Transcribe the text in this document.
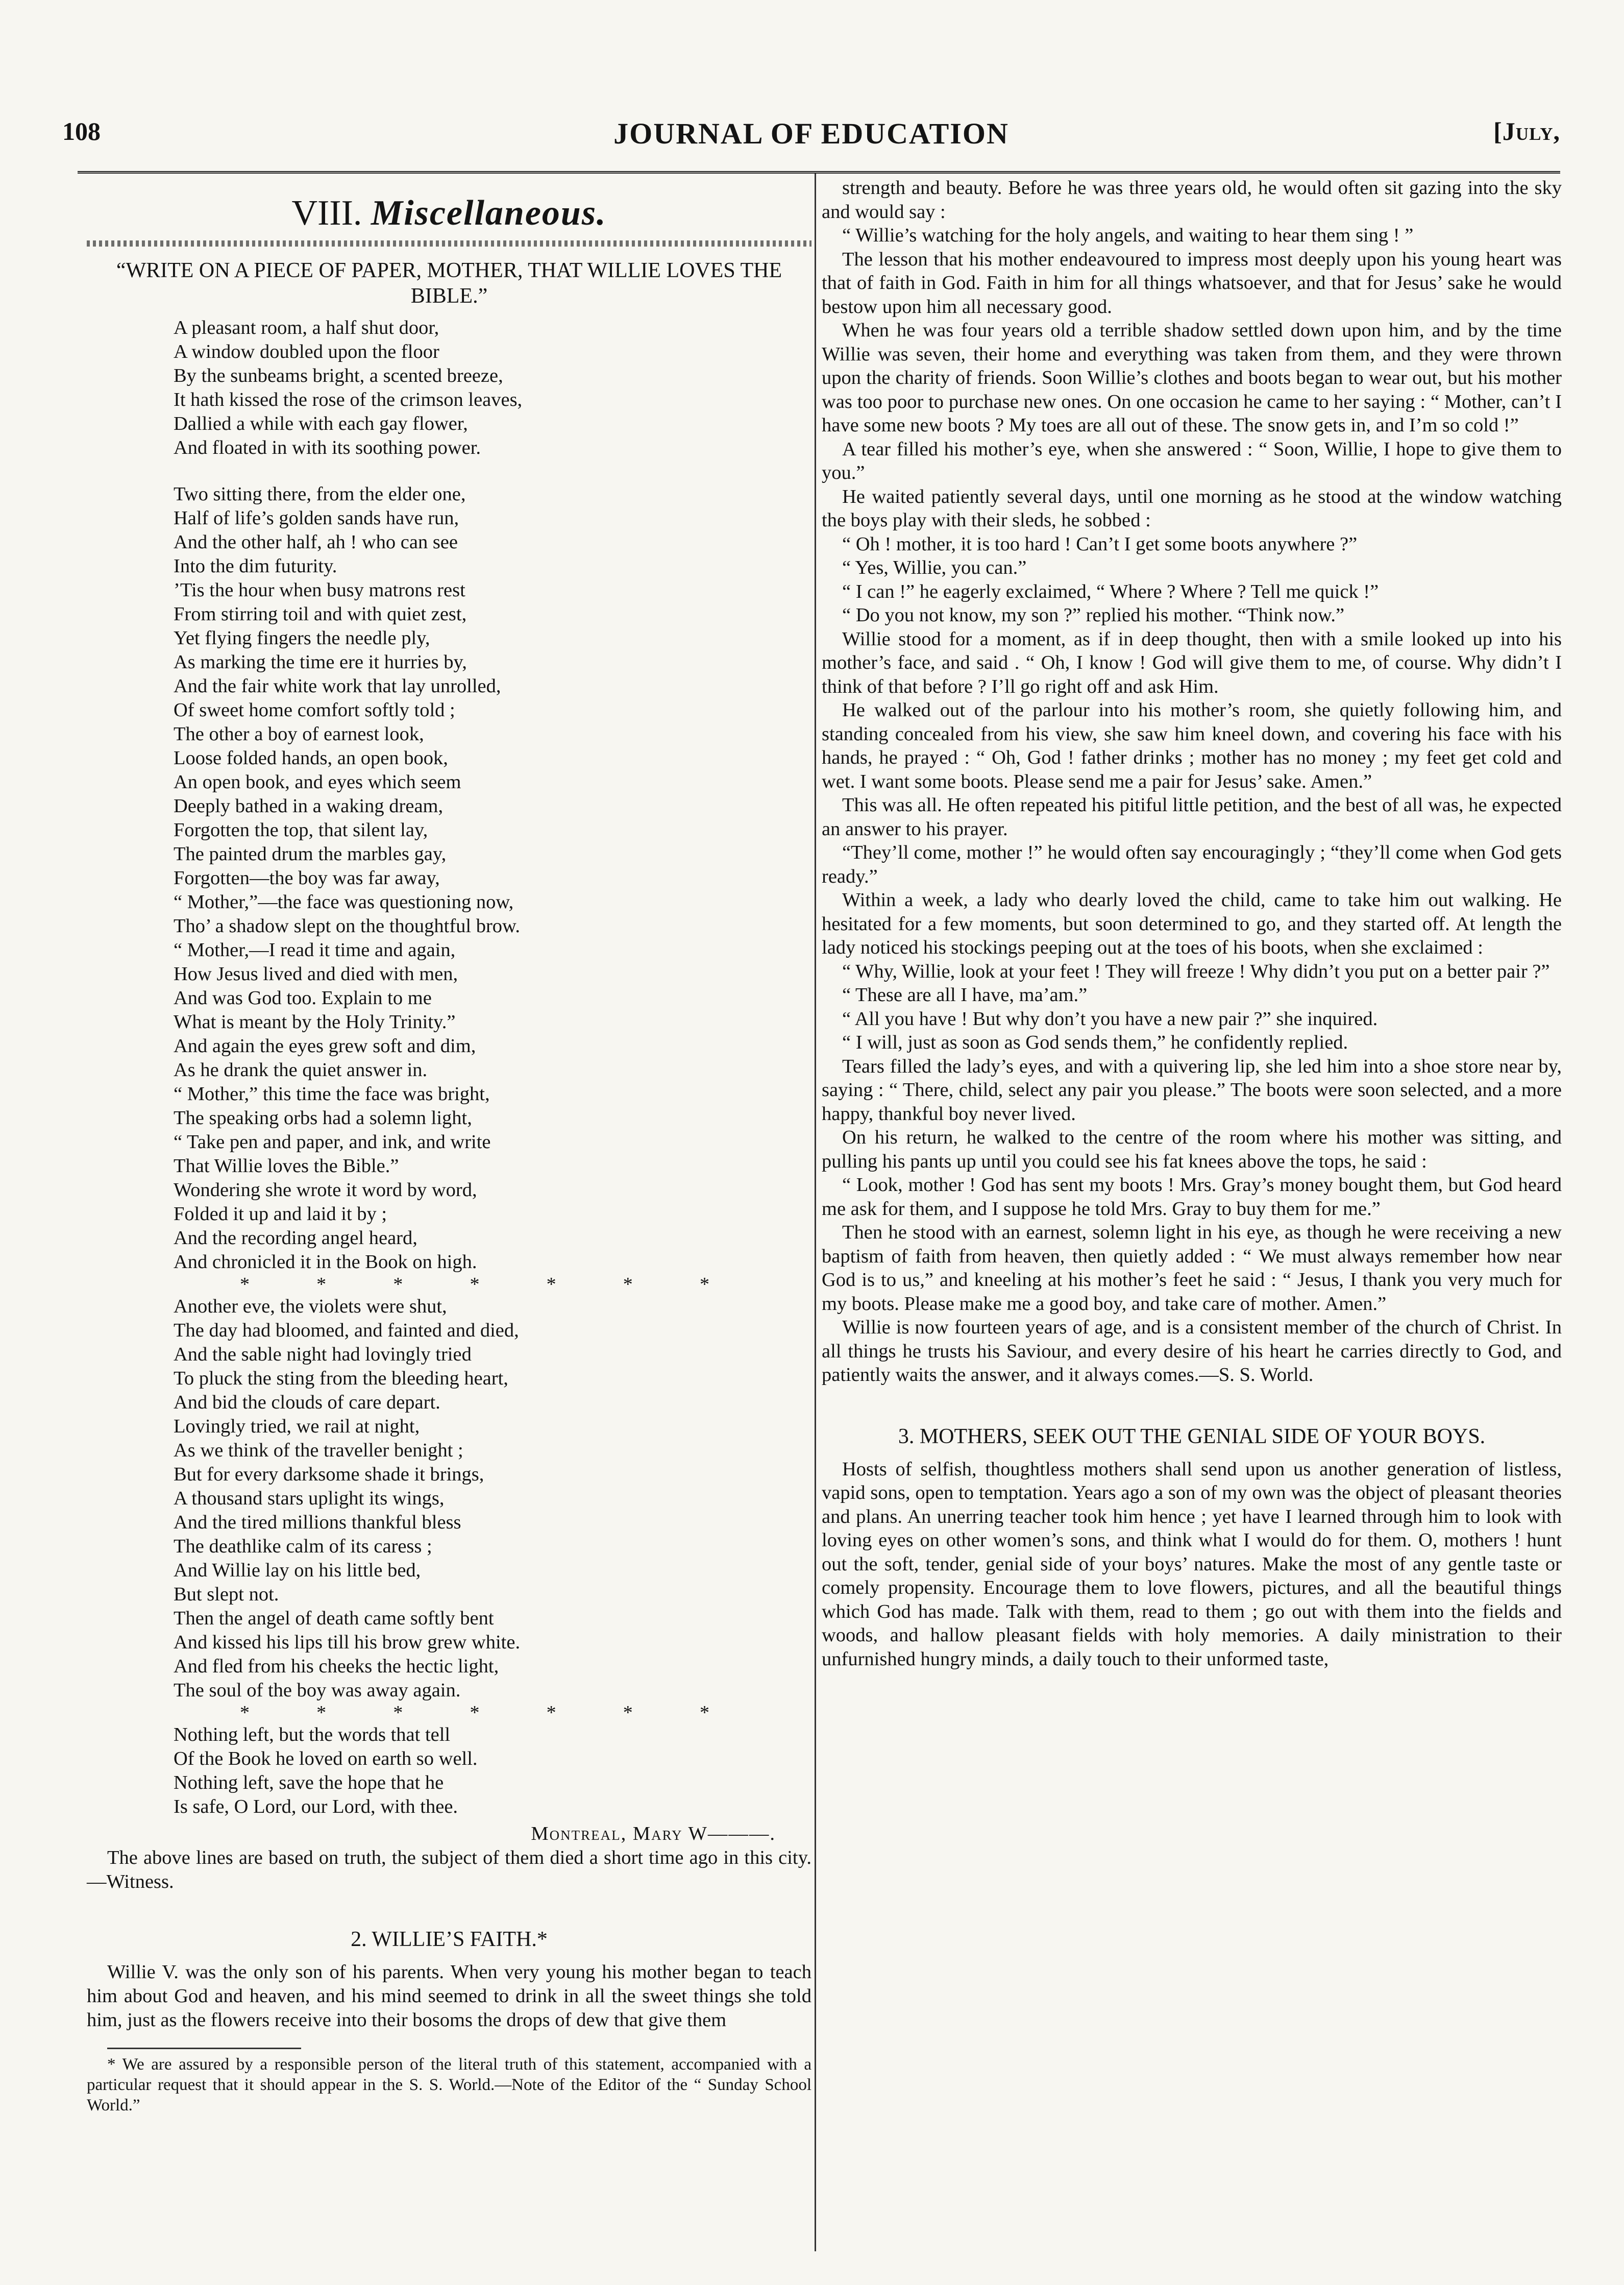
108	JOURNAL OF EDUCATION	[July,
VIII. Miscellaneous.
“WRITE ON A PIECE OF PAPER, MOTHER, THAT WILLIE LOVES THE BIBLE.”
A pleasant room, a half shut door,
A window doubled upon the floor
By the sunbeams bright, a scented breeze,
It hath kissed the rose of the crimson leaves,
Dallied a while with each gay flower,
And floated in with its soothing power.
Two sitting there, from the elder one,
Half of life’s golden sands have run,
And the other half, ah ! who can see
Into the dim futurity.
’Tis the hour when busy matrons rest
From stirring toil and with quiet zest,
Yet flying fingers the needle ply,
As marking the time ere it hurries by,
And the fair white work that lay unrolled,
Of sweet home comfort softly told ;
The other a boy of earnest look,
Loose folded hands, an open book,
An open book, and eyes which seem
Deeply bathed in a waking dream,
Forgotten the top, that silent lay,
The painted drum the marbles gay,
Forgotten—the boy was far away,
“ Mother,”—the face was questioning now,
Tho’ a shadow slept on the thoughtful brow.
“ Mother,—I read it time and again,
How Jesus lived and died with men,
And was God too. Explain to me
What is meant by the Holy Trinity.”
And again the eyes grew soft and dim,
As he drank the quiet answer in.
“ Mother,” this time the face was bright,
The speaking orbs had a solemn light,
“ Take pen and paper, and ink, and write
That Willie loves the Bible.”
Wondering she wrote it word by word,
Folded it up and laid it by ;
And the recording angel heard,
And chronicled it in the Book on high.
*	*	*	*	*	*	*
Another eve, the violets were shut,
The day had bloomed, and fainted and died,
And the sable night had lovingly tried
To pluck the sting from the bleeding heart,
And bid the clouds of care depart.
Lovingly tried, we rail at night,
As we think of the traveller benight ;
But for every darksome shade it brings,
A thousand stars uplight its wings,
And the tired millions thankful bless
The deathlike calm of its caress ;
And Willie lay on his little bed,
But slept not.
Then the angel of death came softly bent
And kissed his lips till his brow grew white.
And fled from his cheeks the hectic light,
The soul of the boy was away again.
*	*	*	*	*	*	*
Nothing left, but the words that tell
Of the Book he loved on earth so well.
Nothing left, save the hope that he
Is safe, O Lord, our Lord, with thee.
Montreal, Mary W———.
The above lines are based on truth, the subject of them died a short time ago in this city.—Witness.
2. WILLIE’S FAITH.*

Willie V. was the only son of his parents. When very young his mother began to teach him about God and heaven, and his mind seemed to drink in all the sweet things she told him, just as the flowers receive into their bosoms the drops of dew that give them

* We are assured by a responsible person of the literal truth of this statement, accompanied with a particular request that it should appear in the S. S. World.—Note of the Editor of the “ Sunday School World.”

strength and beauty. Before he was three years old, he would often sit gazing into the sky and would say :

“ Willie’s watching for the holy angels, and waiting to hear them sing ! ”

The lesson that his mother endeavoured to impress most deeply upon his young heart was that of faith in God. Faith in him for all things whatsoever, and that for Jesus’ sake he would bestow upon him all necessary good.

When he was four years old a terrible shadow settled down upon him, and by the time Willie was seven, their home and everything was taken from them, and they were thrown upon the charity of friends. Soon Willie’s clothes and boots began to wear out, but his mother was too poor to purchase new ones. On one occasion he came to her saying : “ Mother, can’t I have some new boots ? My toes are all out of these. The snow gets in, and I’m so cold !”

A tear filled his mother’s eye, when she answered : “ Soon, Willie, I hope to give them to you.”

He waited patiently several days, until one morning as he stood at the window watching the boys play with their sleds, he sobbed :

“ Oh ! mother, it is too hard ! Can’t I get some boots anywhere ?”

“ Yes, Willie, you can.”

“ I can !” he eagerly exclaimed, “ Where ? Where ? Tell me quick !”

“ Do you not know, my son ?” replied his mother. “Think now.”

Willie stood for a moment, as if in deep thought, then with a smile looked up into his mother’s face, and said . “ Oh, I know ! God will give them to me, of course. Why didn’t I think of that before ? I’ll go right off and ask Him.

He walked out of the parlour into his mother’s room, she quietly following him, and standing concealed from his view, she saw him kneel down, and covering his face with his hands, he prayed : “ Oh, God ! father drinks ; mother has no money ; my feet get cold and wet. I want some boots. Please send me a pair for Jesus’ sake. Amen.”

This was all. He often repeated his pitiful little petition, and the best of all was, he expected an answer to his prayer.

“They’ll come, mother !” he would often say encouragingly ; “they’ll come when God gets ready.”

Within a week, a lady who dearly loved the child, came to take him out walking. He hesitated for a few moments, but soon determined to go, and they started off. At length the lady noticed his stockings peeping out at the toes of his boots, when she exclaimed :

“ Why, Willie, look at your feet ! They will freeze ! Why didn’t you put on a better pair ?”

“ These are all I have, ma’am.”

“ All you have ! But why don’t you have a new pair ?” she inquired.

“ I will, just as soon as God sends them,” he confidently replied.

Tears filled the lady’s eyes, and with a quivering lip, she led him into a shoe store near by, saying : “ There, child, select any pair you please.” The boots were soon selected, and a more happy, thankful boy never lived.

On his return, he walked to the centre of the room where his mother was sitting, and pulling his pants up until you could see his fat knees above the tops, he said :

“ Look, mother ! God has sent my boots ! Mrs. Gray’s money bought them, but God heard me ask for them, and I suppose he told Mrs. Gray to buy them for me.”

Then he stood with an earnest, solemn light in his eye, as though he were receiving a new baptism of faith from heaven, then quietly added : “ We must always remember how near God is to us,” and kneeling at his mother’s feet he said : “ Jesus, I thank you very much for my boots. Please make me a good boy, and take care of mother. Amen.”

Willie is now fourteen years of age, and is a consistent member of the church of Christ. In all things he trusts his Saviour, and every desire of his heart he carries directly to God, and patiently waits the answer, and it always comes.—S. S. World.

3. MOTHERS, SEEK OUT THE GENIAL SIDE OF YOUR BOYS.

Hosts of selfish, thoughtless mothers shall send upon us another generation of listless, vapid sons, open to temptation. Years ago a son of my own was the object of pleasant theories and plans. An unerring teacher took him hence ; yet have I learned through him to look with loving eyes on other women’s sons, and think what I would do for them. O, mothers ! hunt out the soft, tender, genial side of your boys’ natures. Make the most of any gentle taste or comely propensity. Encourage them to love flowers, pictures, and all the beautiful things which God has made. Talk with them, read to them ; go out with them into the fields and woods, and hallow pleasant fields with holy memories. A daily ministration to their unfurnished hungry minds, a daily touch to their unformed taste,
